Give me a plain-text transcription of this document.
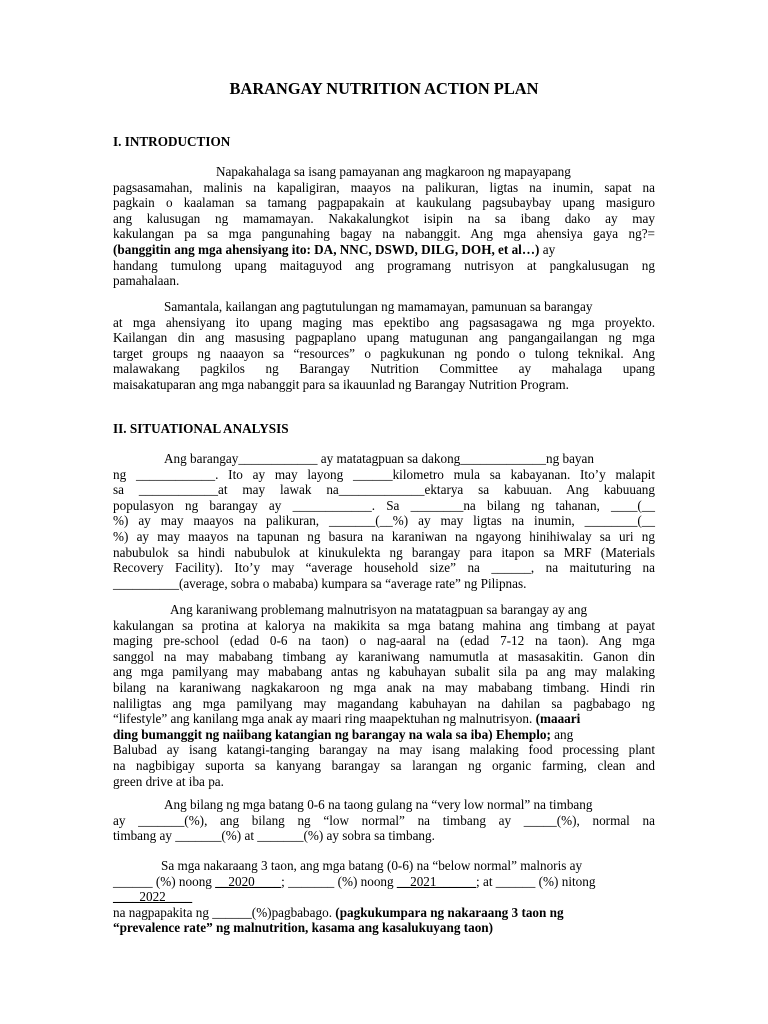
BARANGAY NUTRITION ACTION PLAN
I. INTRODUCTION
Napakahalaga sa isang pamayanan ang magkaroon ng mapayapang
pagsasamahan, malinis na kapaligiran, maayos na palikuran, ligtas na inumin, sapat na
pagkain o kaalaman sa tamang pagpapakain at kaukulang pagsubaybay upang masiguro
ang kalusugan ng mamamayan. Nakakalungkot isipin na sa ibang dako ay may
kakulangan pa sa mga pangunahing bagay na nabanggit. Ang mga ahensiya gaya ng?=
(banggitin ang mga ahensiyang ito: DA, NNC, DSWD, DILG, DOH, et al…) ay
handang tumulong upang maitaguyod ang programang nutrisyon at pangkalusugan ng
pamahalaan.
Samantala, kailangan ang pagtutulungan ng mamamayan, pamunuan sa barangay
at mga ahensiyang ito upang maging mas epektibo ang pagsasagawa ng mga proyekto.
Kailangan din ang masusing pagpaplano upang matugunan ang pangangailangan ng mga
target groups ng naaayon sa “resources” o pagkukunan ng pondo o tulong teknikal. Ang
malawakang pagkilos ng Barangay Nutrition Committee ay mahalaga upang
maisakatuparan ang mga nabanggit para sa ikauunlad ng Barangay Nutrition Program.
II. SITUATIONAL ANALYSIS
Ang barangay____________ ay matatagpuan sa dakong_____________ng bayan
ng ____________. Ito ay may layong ______kilometro mula sa kabayanan. Ito’y malapit
sa ____________at may lawak na_____________ektarya sa kabuuan. Ang kabuuang
populasyon ng barangay ay ____________. Sa ________na bilang ng tahanan, ____(__
%) ay may maayos na palikuran, _______(__%) ay may ligtas na inumin, ________(__
%) ay may maayos na tapunan ng basura na karaniwan na ngayong hinihiwalay sa uri ng
nabubulok sa hindi nabubulok at kinukulekta ng barangay para itapon sa MRF (Materials
Recovery Facility). Ito’y may “average household size” na ______, na maituturing na
__________(average, sobra o mababa) kumpara sa “average rate” ng Pilipnas.
Ang karaniwang problemang malnutrisyon na matatagpuan sa barangay ay ang
kakulangan sa protina at kalorya na makikita sa mga batang mahina ang timbang at payat
maging pre-school (edad 0-6 na taon) o nag-aaral na (edad 7-12 na taon). Ang mga
sanggol na may mababang timbang ay karaniwang namumutla at masasakitin. Ganon din
ang mga pamilyang may mababang antas ng kabuhayan subalit sila pa ang may malaking
bilang na karaniwang nagkakaroon ng mga anak na may mababang timbang. Hindi rin
naliligtas ang mga pamilyang may magandang kabuhayan na dahilan sa pagbabago ng
“lifestyle” ang kanilang mga anak ay maari ring maapektuhan ng malnutrisyon. (maaari
ding bumanggit ng naiibang katangian ng barangay na wala sa iba) Ehemplo; ang
Balubad ay isang katangi-tanging barangay na may isang malaking food processing plant
na nagbibigay suporta sa kanyang barangay sa larangan ng organic farming, clean and
green drive at iba pa.
Ang bilang ng mga batang 0-6 na taong gulang na “very low normal” na timbang
ay _______(%), ang bilang ng “low normal” na timbang ay _____(%), normal na
timbang ay _______(%) at _______(%) ay sobra sa timbang.
Sa mga nakaraang 3 taon, ang mga batang (0-6) na “below normal” malnoris ay
______ (%) noong __2020____; _______ (%) noong __2021______; at ______ (%) nitong
____2022____
na nagpapakita ng ______(%)pagbabago. (pagkukumpara ng nakaraang 3 taon ng
“prevalence rate” ng malnutrition, kasama ang kasalukuyang taon)
